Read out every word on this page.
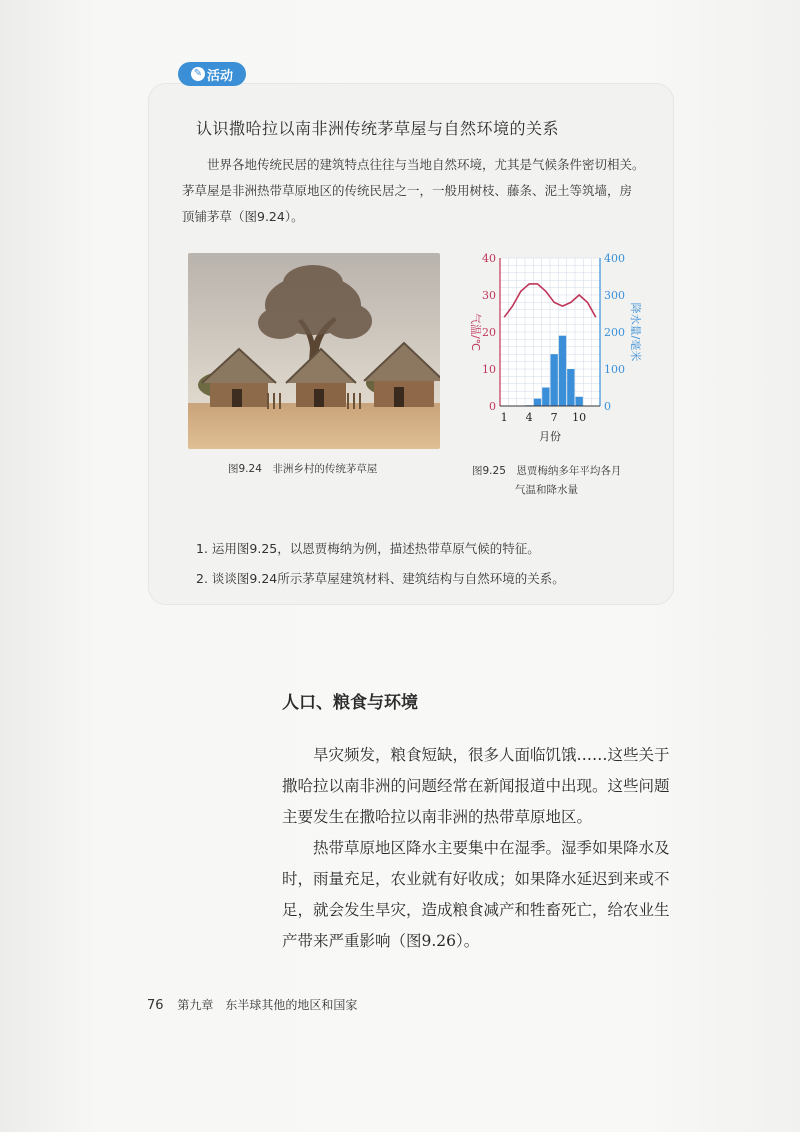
✎ 活动
认识撒哈拉以南非洲传统茅草屋与自然环境的关系

世界各地传统民居的建筑特点往往与当地自然环境，尤其是气候条件密切相关。

茅草屋是非洲热带草原地区的传统民居之一，一般用树枝、藤条、泥土等筑墙，房

顶铺茅草（图9.24）。

图9.24　非洲乡村的传统茅草屋
0
10
20
30
40
0
100
200
300
400
1 4 7 10
月份
气温/℃	降水量/毫米
图9.25　恩贾梅纳多年平均各月
气温和降水量
1. 运用图9.25，以恩贾梅纳为例，描述热带草原气候的特征。
2. 谈谈图9.24所示茅草屋建筑材料、建筑结构与自然环境的关系。
人口、粮食与环境

旱灾频发，粮食短缺，很多人面临饥饿……这些关于

撒哈拉以南非洲的问题经常在新闻报道中出现。这些问题

主要发生在撒哈拉以南非洲的热带草原地区。

热带草原地区降水主要集中在湿季。湿季如果降水及

时，雨量充足，农业就有好收成；如果降水延迟到来或不

足，就会发生旱灾，造成粮食减产和牲畜死亡，给农业生

产带来严重影响（图9.26）。

76 第九章　东半球其他的地区和国家
